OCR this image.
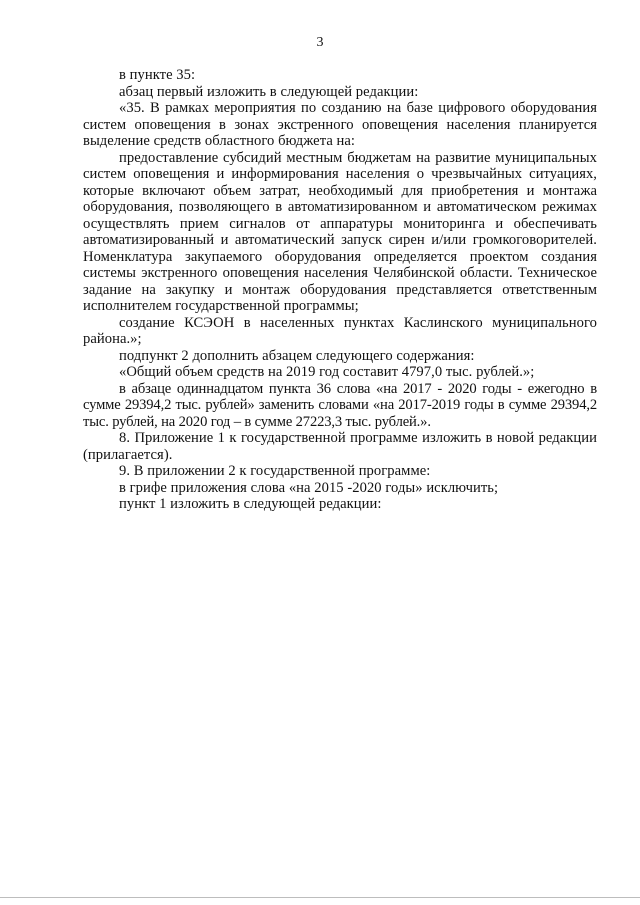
3

в пункте 35:

абзац первый изложить в следующей редакции:

«35. В рамках мероприятия по созданию на базе цифрового оборудования систем оповещения в зонах экстренного оповещения населения планируется выделение средств областного бюджета на:

предоставление субсидий местным бюджетам на развитие муниципальных систем оповещения и информирования населения о чрезвычайных ситуациях, которые включают объем затрат, необходимый для приобретения и монтажа оборудования, позволяющего в автоматизированном и автоматическом режимах осуществлять прием сигналов от аппаратуры мониторинга и обеспечивать автоматизированный и автоматический запуск сирен и/или громкоговорителей. Номенклатура закупаемого оборудования определяется проектом создания системы экстренного оповещения населения Челябинской области. Техническое задание на закупку и монтаж оборудования представляется ответственным исполнителем государственной программы;

создание КСЭОН в населенных пунктах Каслинского муниципального района.»;

подпункт 2 дополнить абзацем следующего содержания:

«Общий объем средств на 2019 год составит 4797,0 тыс. рублей.»;

в абзаце одиннадцатом пункта 36 слова «на 2017 - 2020 годы - ежегодно в сумме 29394,2 тыс. рублей» заменить словами «на 2017-2019 годы в сумме 29394,2 тыс. рублей, на 2020 год – в сумме 27223,3 тыс. рублей.».

8. Приложение 1 к государственной программе изложить в новой редакции (прилагается).

9. В приложении 2 к государственной программе:

в грифе приложения слова «на 2015 -2020 годы» исключить;

пункт 1 изложить в следующей редакции:
